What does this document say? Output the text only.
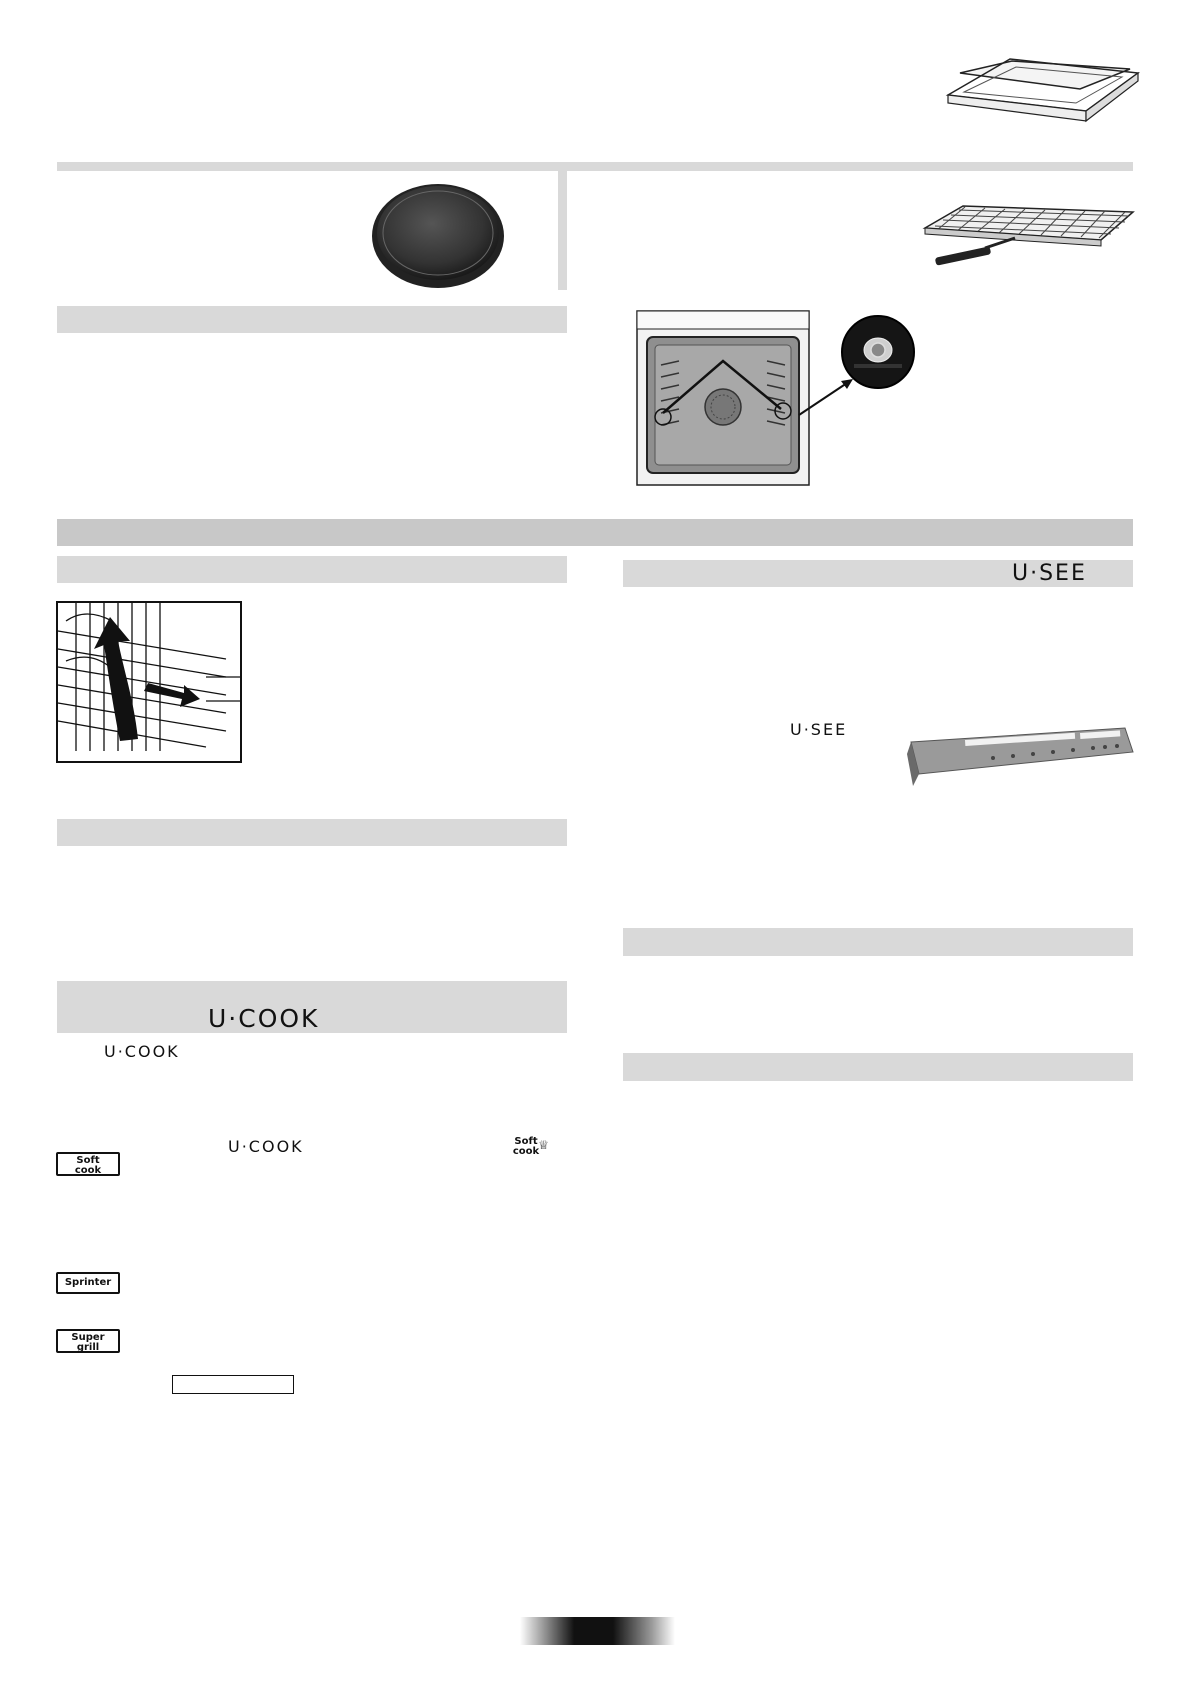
U·SEE
U·SEE
U·COOK
U·COOK
U·COOK	Soft
cook ♕
Soft
cook
Sprinter
Super
grill
